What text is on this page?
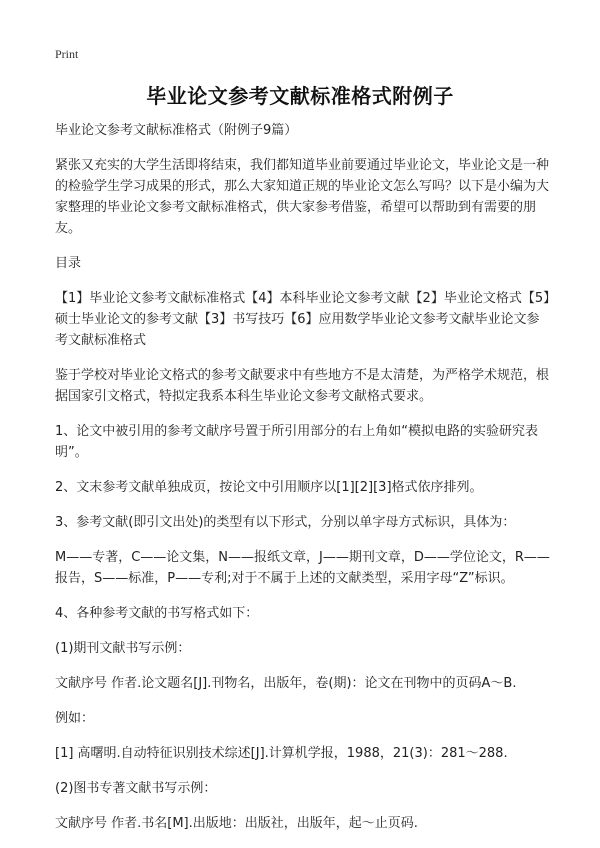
Print
毕业论文参考文献标准格式附例子

毕业论文参考文献标准格式（附例子9篇）

紧张又充实的大学生活即将结束，我们都知道毕业前要通过毕业论文，毕业论文是一种的检验学生学习成果的形式，那么大家知道正规的毕业论文怎么写吗？以下是小编为大家整理的毕业论文参考文献标准格式，供大家参考借鉴，希望可以帮助到有需要的朋友。

目录

【1】毕业论文参考文献标准格式【4】本科毕业论文参考文献【2】毕业论文格式【5】硕士毕业论文的参考文献【3】书写技巧【6】应用数学毕业论文参考文献毕业论文参考文献标准格式

鉴于学校对毕业论文格式的参考文献要求中有些地方不是太清楚，为严格学术规范，根据国家引文格式，特拟定我系本科生毕业论文参考文献格式要求。

1、论文中被引用的参考文献序号置于所引用部分的右上角如“模拟电路的实验研究表明”。

2、文末参考文献单独成页，按论文中引用顺序以[1][2][3]格式依序排列。

3、参考文献(即引文出处)的类型有以下形式，分别以单字母方式标识，具体为：

M——专著，C——论文集，N——报纸文章，J——期刊文章，D——学位论文，R——报告，S——标准，P——专利;对于不属于上述的文献类型，采用字母“Z”标识。

4、各种参考文献的书写格式如下：

(1)期刊文献书写示例：

文献序号 作者.论文题名[J].刊物名，出版年，卷(期)：论文在刊物中的页码A～B.

例如：

[1] 高曙明.自动特征识别技术综述[J].计算机学报，1988，21(3)：281～288.

(2)图书专著文献书写示例：

文献序号 作者.书名[M].出版地：出版社，出版年，起～止页码.
